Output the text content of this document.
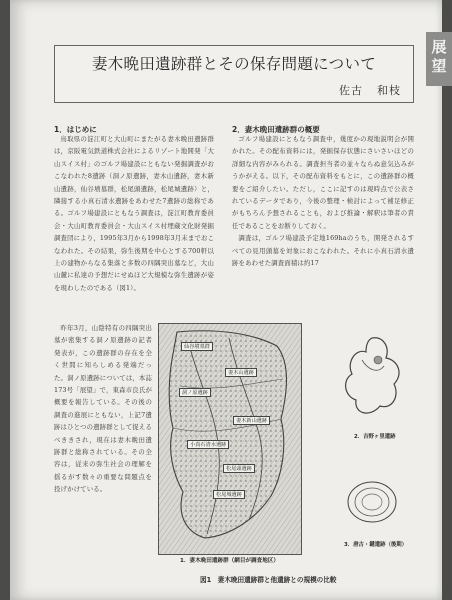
展望
妻木晩田遺跡群とその保存問題について
佐古 和枝
1．はじめに

鳥取県の淀江町と大山町にまたがる妻木晩田遺跡群は，京阪電気鉄道株式会社によるリゾート地開発「大山スイス村」のゴルフ場建設にともない発掘調査がおこなわれた8遺跡（洞ノ原遺跡，妻木山遺跡，妻木新山遺跡，仙谷墳墓群，松尾頭遺跡，松尾城遺跡）と，隣接する小真石清水遺跡をあわせた7遺跡の総称である。ゴルフ場建設にともなう調査は，淀江町教育委員会・大山町教育委員会・大山スイス村埋蔵文化財発掘調査団により，1995年3月から1998年3月末までおこなわれた。その結果，弥生後期を中心とする700軒以上の建物からなる集落と多数の四隅突出墓など，大山山麓に私達の予想だにせぬほど大規模な弥生遺跡が姿を現わしたのである（図1）。

昨年3月，山陰特有の四隅突出墓が密集する洞ノ原遺跡の記者発表が，この遺跡群の存在を全く世間に知らしめる発端だった。洞ノ原遺跡については，本誌173号「展望」で，東森市良氏が概要を報告している。その後の調査の進展にともない，上記7遺跡はひとつの遺跡群として捉えるべききされ，現在は妻木晩田遺跡群と総称されている。その全容は，従来の弥生社会の理解を揺るがす数々の重要な問題点を投げかけている。

2．妻木晩田遺跡群の概要

ゴルフ場建設にともなう調査中，幾度かの現地説明会が開かれた。その配布資料には，発掘保存状態にさいさいほどの詳細な内容がみられる。調査担当者の並々ならぬ意気込みがうかがえる。以下，その配布資料をもとに，この遺跡群の概要をご紹介したい。ただし，ここに記すのは現時点で公表されているデータであり，今後の整理・検討によって補足修正がもちろん予想されることも，および推論・解釈は筆者の責任であることをお断りしておく。

調査は，ゴルフ場建設予定地169haのうち，開発されるすべての見用頭墓を対象におこなわれた。それに小真石清水遺跡をあわせた調査面積は約17

仙谷墳墓群
妻木山遺跡
洞ノ原遺跡
妻木新山遺跡
小真石清水遺跡
松尾頭遺跡
松尾城遺跡
1．妻木晩田遺跡群（網目が調査地区）
2．吉野ヶ里遺跡
3．唐古・鍵遺跡（後期）
図1　妻木晩田遺跡群と他遺跡との規模の比較
